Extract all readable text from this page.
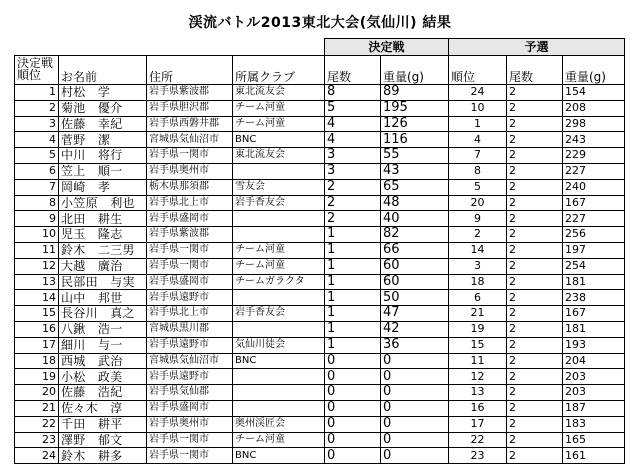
渓流バトル2013東北大会(気仙川) 結果
				決定戦		予選		
決定戦
順位	お名前	住所	所属クラブ	尾数	重量(g)	順位	尾数	重量(g)
1	村松　学	岩手県紫波郡	東北流友会	8	89	24	2	154
2	菊池　優介	岩手県胆沢郡	チーム河童	5	195	10	2	208
3	佐藤　幸紀	岩手県西磐井郡	チーム河童	4	126	1	2	298
4	菅野　潔	宮城県気仙沼市	BNC	4	116	4	2	243
5	中川　将行	岩手県一関市	東北流友会	3	55	7	2	229
6	笠上　順一	岩手県奥州市		3	43	8	2	227
7	岡崎　孝	栃木県那須郡	雪友会	2	65	5	2	240
8	小笠原　利也	岩手県北上市	岩手香友会	2	48	20	2	167
9	北田　耕生	岩手県盛岡市		2	40	9	2	227
10	児玉　隆志	岩手県紫波郡		1	82	2	2	256
11	鈴木　二三男	岩手県一関市	チーム河童	1	66	14	2	197
12	大越　廣治	岩手県一関市	チーム河童	1	60	3	2	254
13	民部田　与実	岩手県盛岡市	チームガラクタ	1	60	18	2	181
14	山中　邦世	岩手県遠野市		1	50	6	2	238
15	長谷川　真之	岩手県北上市	岩手香友会	1	47	21	2	167
16	八鍬　浩一	宮城県黒川郡		1	42	19	2	181
17	細川　与一	岩手県遠野市	気仙川徒会	1	36	15	2	193
18	西城　武治	宮城県気仙沼市	BNC	0	0	11	2	204
19	小松　政美	岩手県遠野市		0	0	12	2	203
20	佐藤　浩紀	岩手県気仙郡		0	0	13	2	203
21	佐々木　淳	岩手県盛岡市		0	0	16	2	187
22	千田　耕平	岩手県奥州市	奥州渓匠会	0	0	17	2	183
23	澤野　郁文	岩手県一関市	チーム河童	0	0	22	2	165
24	鈴木　耕多	岩手県一関市	BNC	0	0	23	2	161
